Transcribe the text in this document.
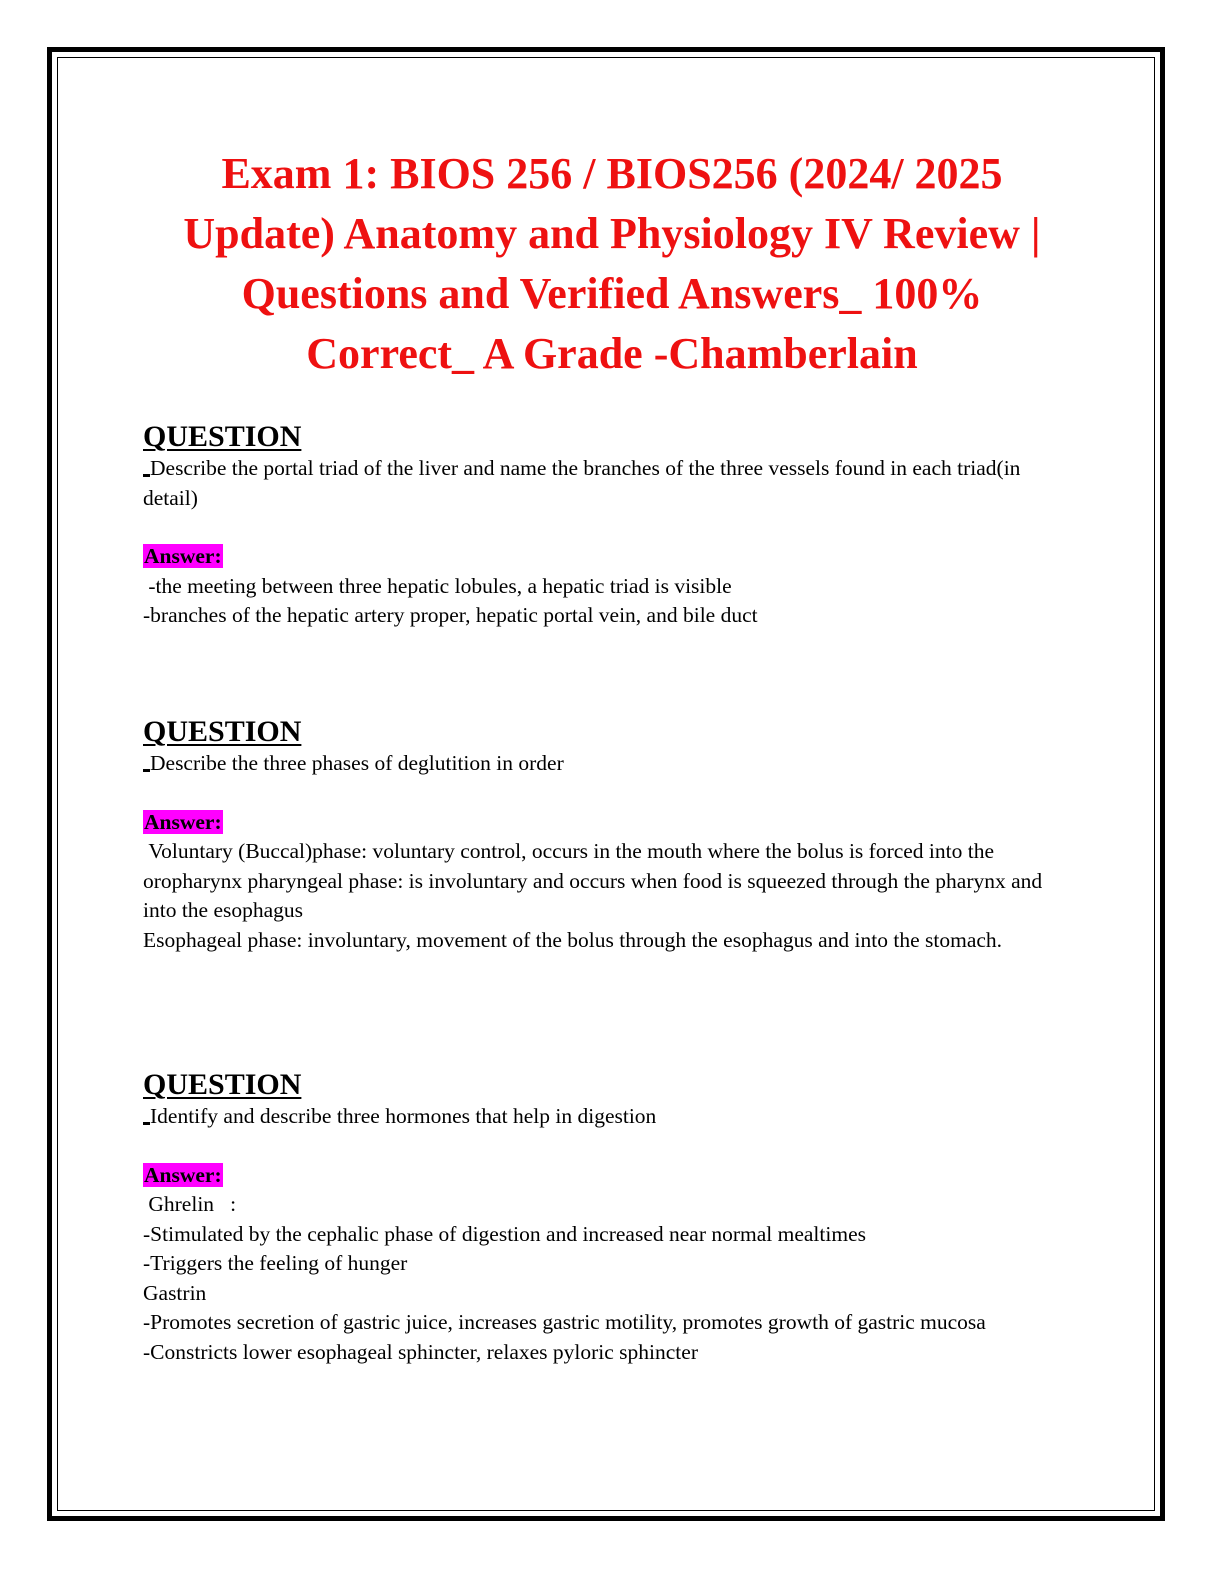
Exam 1: BIOS 256 / BIOS256 (2024/ 2025
Update) Anatomy and Physiology IV Review |
Questions and Verified Answers_ 100%
Correct_ A Grade -Chamberlain

QUESTION

Describe the portal triad of the liver and name the branches of the three vessels found in each triad(in detail)

Answer:

-the meeting between three hepatic lobules, a hepatic triad is visible

-branches of the hepatic artery proper, hepatic portal vein, and bile duct

QUESTION

Describe the three phases of deglutition in order

Answer:

Voluntary (Buccal)phase: voluntary control, occurs in the mouth where the bolus is forced into the oropharynx pharyngeal phase: is involuntary and occurs when food is squeezed through the pharynx and into the esophagus

Esophageal phase: involuntary, movement of the bolus through the esophagus and into the stomach.

QUESTION

Identify and describe three hormones that help in digestion

Answer:

Ghrelin   :

-Stimulated by the cephalic phase of digestion and increased near normal mealtimes

-Triggers the feeling of hunger

Gastrin

-Promotes secretion of gastric juice, increases gastric motility, promotes growth of gastric mucosa

-Constricts lower esophageal sphincter, relaxes pyloric sphincter
